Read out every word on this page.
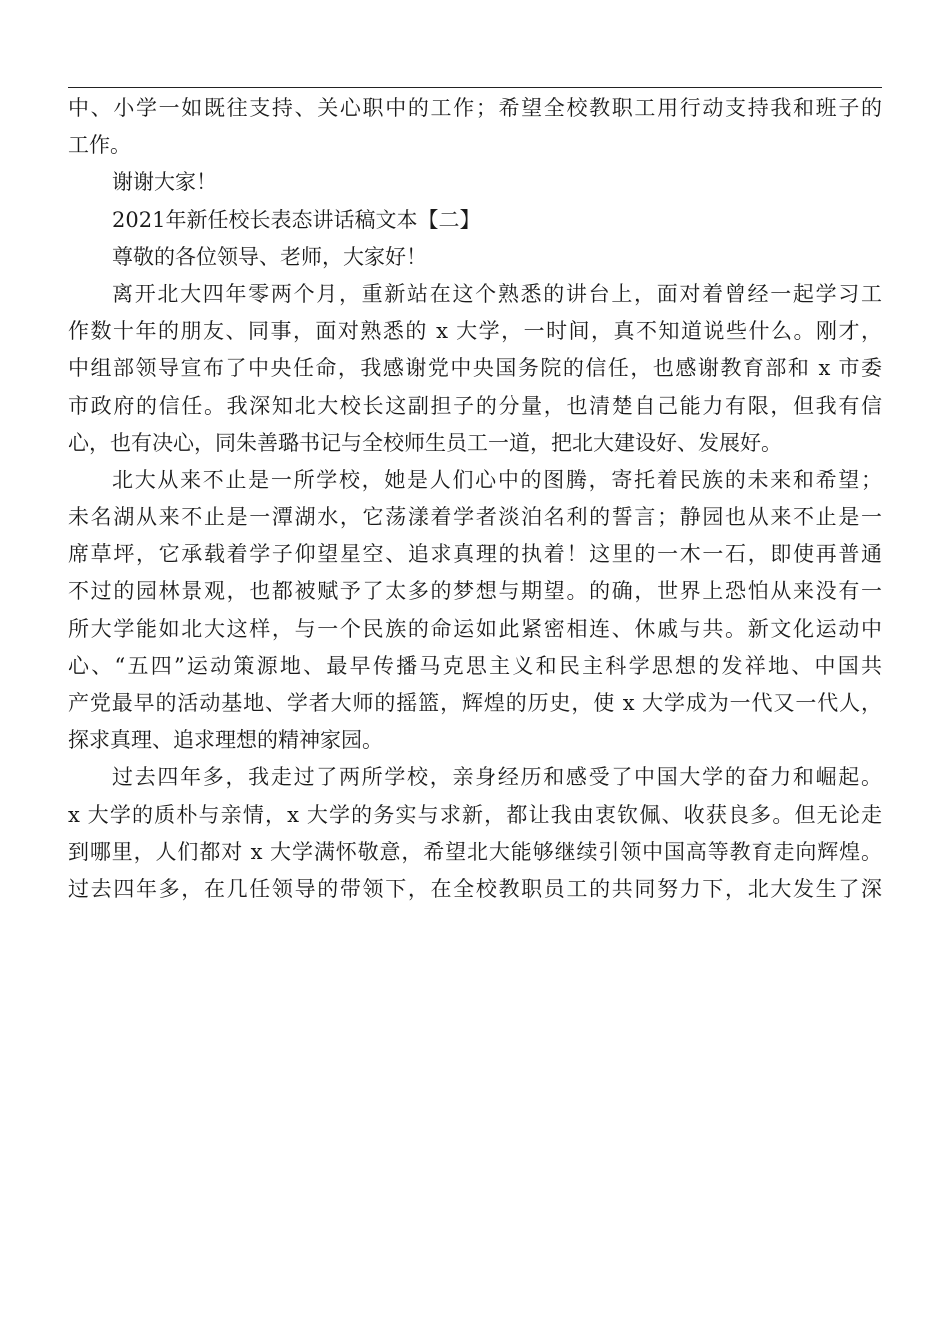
中、小学一如既往支持、关心职中的工作；希望全校教职工用行动支持我和班子的
工作。
谢谢大家！
2021年新任校长表态讲话稿文本【二】
尊敬的各位领导、老师，大家好！
离开北大四年零两个月，重新站在这个熟悉的讲台上，面对着曾经一起学习工
作数十年的朋友、同事，面对熟悉的 x 大学，一时间，真不知道说些什么。刚才，
中组部领导宣布了中央任命，我感谢党中央国务院的信任，也感谢教育部和 x 市委
市政府的信任。我深知北大校长这副担子的分量，也清楚自己能力有限，但我有信
心，也有决心，同朱善璐书记与全校师生员工一道，把北大建设好、发展好。
北大从来不止是一所学校，她是人们心中的图腾，寄托着民族的未来和希望；
未名湖从来不止是一潭湖水，它荡漾着学者淡泊名利的誓言；静园也从来不止是一
席草坪，它承载着学子仰望星空、追求真理的执着！这里的一木一石，即使再普通
不过的园林景观，也都被赋予了太多的梦想与期望。的确，世界上恐怕从来没有一
所大学能如北大这样，与一个民族的命运如此紧密相连、休戚与共。新文化运动中
心、“五四”运动策源地、最早传播马克思主义和民主科学思想的发祥地、中国共
产党最早的活动基地、学者大师的摇篮，辉煌的历史，使 x 大学成为一代又一代人，
探求真理、追求理想的精神家园。
过去四年多，我走过了两所学校，亲身经历和感受了中国大学的奋力和崛起。
x 大学的质朴与亲情，x 大学的务实与求新，都让我由衷钦佩、收获良多。但无论走
到哪里，人们都对 x 大学满怀敬意，希望北大能够继续引领中国高等教育走向辉煌。
过去四年多，在几任领导的带领下，在全校教职员工的共同努力下，北大发生了深
